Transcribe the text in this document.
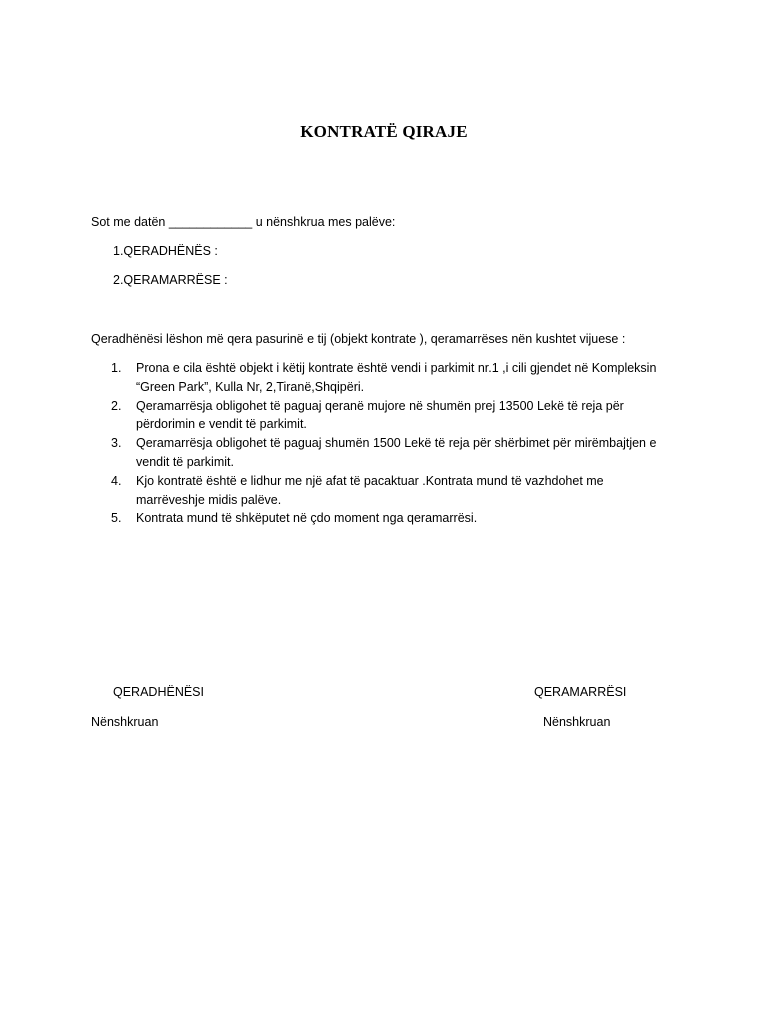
KONTRATË QIRAJE
Sot me datën ____________ u nënshkrua mes palëve:
1.QERADHËNËS :
2.QERAMARRËSE :
Qeradhënësi lëshon më qera pasurinë e tij (objekt kontrate ), qeramarrëses nën kushtet vijuese :
1. Prona e cila është objekt i këtij kontrate është vendi i parkimit nr.1 ,i cili gjendet në Kompleksin
“Green Park”, Kulla Nr, 2,Tiranë,Shqipëri.
2. Qeramarrësja obligohet të paguaj qeranë mujore në shumën prej 13500 Lekë të reja për
përdorimin e vendit të parkimit.
3. Qeramarrësja obligohet të paguaj shumën 1500 Lekë të reja për shërbimet për mirëmbajtjen e
vendit të parkimit.
4. Kjo kontratë është e lidhur me një afat të pacaktuar .Kontrata mund të vazhdohet me
marrëveshje midis palëve.
5. Kontrata mund të shkëputet në çdo moment nga qeramarrësi.
QERADHËNËSI
Nënshkruan
QERAMARRËSI
Nënshkruan
